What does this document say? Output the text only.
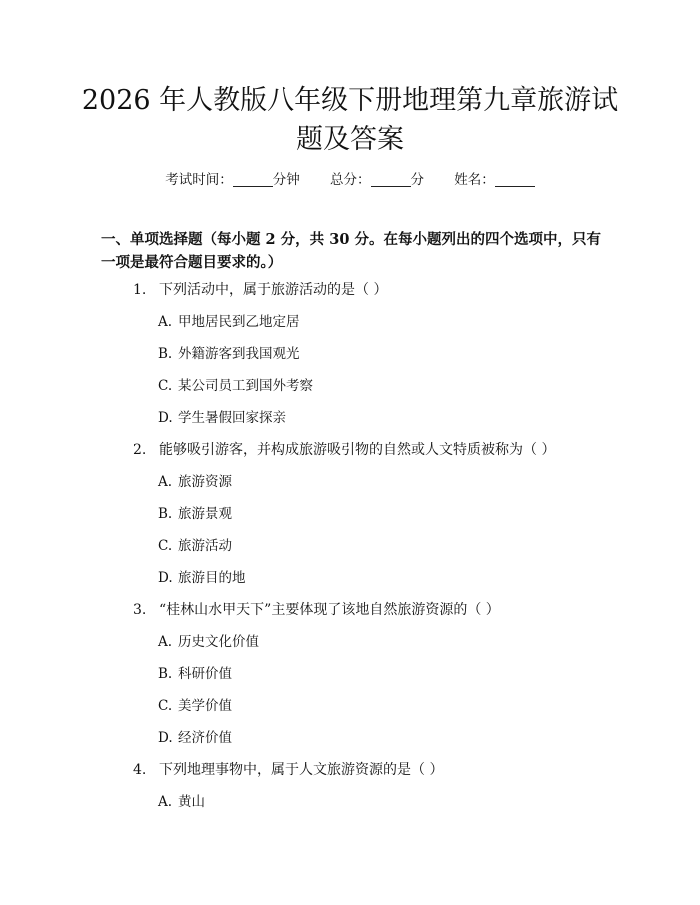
2026 年人教版八年级下册地理第九章旅游试
题及答案
考试时间：	分钟 总分：	分 姓名：

一、单项选择题（每小题 2 分，共 30 分。在每小题列出的四个选项中，只有一项是最符合题目要求的。）

1. 下列活动中，属于旅游活动的是（ ）
A. 甲地居民到乙地定居
B. 外籍游客到我国观光
C. 某公司员工到国外考察
D. 学生暑假回家探亲
2. 能够吸引游客，并构成旅游吸引物的自然或人文特质被称为（ ）
A. 旅游资源
B. 旅游景观
C. 旅游活动
D. 旅游目的地
3. “桂林山水甲天下”主要体现了该地自然旅游资源的（ ）
A. 历史文化价值
B. 科研价值
C. 美学价值
D. 经济价值
4. 下列地理事物中，属于人文旅游资源的是（ ）
A. 黄山
